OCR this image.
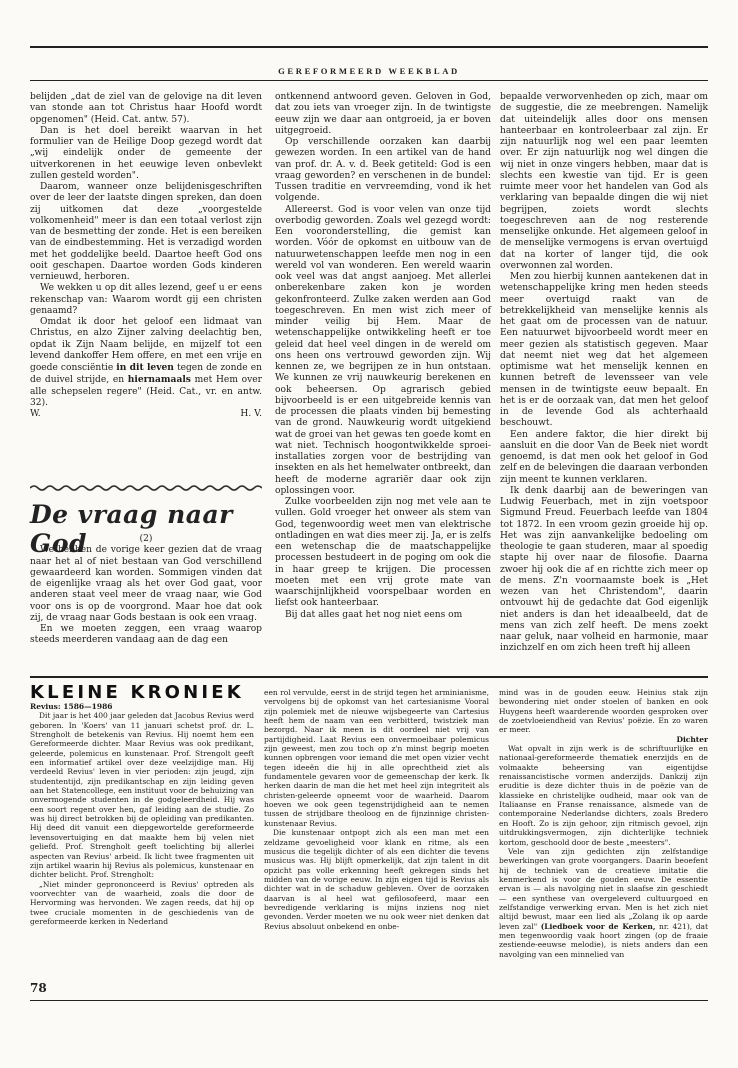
GEREFORMEERD WEEKBLAD

belijden „dat de ziel van de gelovige na dit leven van stonde aan tot Christus haar Hoofd wordt opgenomen" (Heid. Cat. antw. 57).

Dan is het doel bereikt waarvan in het formulier van de Heilige Doop gezegd wordt dat „wij eindelijk onder de gemeente der uitverkorenen in het eeuwige leven onbevlekt zullen gesteld worden".

Daarom, wanneer onze belijdenisgeschriften over de leer der laatste dingen spreken, dan doen zij uitkomen dat deze „voorgestelde volkomenheid" meer is dan een totaal verlost zijn van de besmetting der zonde. Het is een bereiken van de eindbestemming. Het is verzadigd worden met het goddelijke beeld. Daartoe heeft God ons ooit geschapen. Daartoe worden Gods kinderen vernieuwd, herboren.

We wekken u op dit alles lezend, geef u er eens rekenschap van: Waarom wordt gij een christen genaamd?

Omdat ik door het geloof een lidmaat van Christus, en alzo Zijner zalving deelachtig ben, opdat ik Zijn Naam belijde, en mijzelf tot een levend dankoffer Hem offere, en met een vrije en goede consciëntie in dit leven tegen de zonde en de duivel strijde, en hiernamaals met Hem over alle schepselen regere" (Heid. Cat., vr. en antw. 32).

W.	H. V.

De vraag naar God	(2)

We hebben de vorige keer gezien dat de vraag naar het al of niet bestaan van God verschillend gewaardeerd kan worden. Sommigen vinden dat de eigenlijke vraag als het over God gaat, voor anderen staat veel meer de vraag naar, wie God voor ons is op de voorgrond. Maar hoe dat ook zij, de vraag naar Gods bestaan is ook een vraag.

En we moeten zeggen, een vraag waarop steeds meerderen vandaag aan de dag een

ontkennend antwoord geven. Geloven in God, dat zou iets van vroeger zijn. In de twintigste eeuw zijn we daar aan ontgroeid, ja er boven uitgegroeid.

Op verschillende oorzaken kan daarbij gewezen worden. In een artikel van de hand van prof. dr. A. v. d. Beek getiteld: God is een vraag geworden? en verschenen in de bundel: Tussen traditie en vervreemding, vond ik het volgende.

Allereerst. God is voor velen van onze tijd overbodig geworden. Zoals wel gezegd wordt: Een vooronderstelling, die gemist kan worden. Vóór de opkomst en uitbouw van de natuurwetenschappen leefde men nog in een wereld vol van wonderen. Een wereld waarin ook veel was dat angst aanjoeg. Met allerlei onberekenbare zaken kon je worden gekonfronteerd. Zulke zaken werden aan God toegeschreven. En men wist zich meer of minder veilig bij Hem. Maar de wetenschappelijke ontwikkeling heeft er toe geleid dat heel veel dingen in de wereld om ons heen ons vertrouwd geworden zijn. Wij kennen ze, we begrijpen ze in hun ontstaan. We kunnen ze vrij nauwkeurig berekenen en ook beheersen. Op agrarisch gebied bijvoorbeeld is er een uitgebreide kennis van de processen die plaats vinden bij bemesting van de grond. Nauwkeurig wordt uitgekiend wat de groei van het gewas ten goede komt en wat niet. Technisch hoogontwikkelde sproei-installaties zorgen voor de bestrijding van insekten en als het hemelwater ontbreekt, dan heeft de moderne agrariër daar ook zijn oplossingen voor.

Zulke voorbeelden zijn nog met vele aan te vullen. Gold vroeger het onweer als stem van God, tegenwoordig weet men van elektrische ontladingen en wat dies meer zij. Ja, er is zelfs een wetenschap die de maatschappelijke processen bestudeert in de poging om ook die in haar greep te krijgen. Die processen moeten met een vrij grote mate van waarschijnlijkheid voorspelbaar worden en liefst ook hanteerbaar.

Bij dat alles gaat het nog niet eens om

bepaalde verworvenheden op zich, maar om de suggestie, die ze meebrengen. Namelijk dat uiteindelijk alles door ons mensen hanteerbaar en kontroleerbaar zal zijn. Er zijn natuurlijk nog wel een paar leemten over. Er zijn natuurlijk nog wel dingen die wij niet in onze vingers hebben, maar dat is slechts een kwestie van tijd. Er is geen ruimte meer voor het handelen van God als verklaring van bepaalde dingen die wij niet begrijpen, zoiets wordt slechts toegeschreven aan de nog resterende menselijke onkunde. Het algemeen geloof in de menselijke vermogens is ervan overtuigd dat na korter of langer tijd, die ook overwonnen zal worden.

Men zou hierbij kunnen aantekenen dat in wetenschappelijke kring men heden steeds meer overtuigd raakt van de betrekkelijkheid van menselijke kennis als het gaat om de processen van de natuur. Een natuurwet bijvoorbeeld wordt meer en meer gezien als statistisch gegeven. Maar dat neemt niet weg dat het algemeen optimisme wat het menselijk kennen en kunnen betreft de levensseer van vele mensen in de twintigste eeuw bepaalt. En het is er de oorzaak van, dat men het geloof in de levende God als achterhaald beschouwt.

Een andere faktor, die hier direkt bij aansluit en die door Van de Beek niet wordt genoemd, is dat men ook het geloof in God zelf en de belevingen die daaraan verbonden zijn meent te kunnen verklaren.

Ik denk daarbij aan de beweringen van Ludwig Feuerbach, met in zijn voetspoor Sigmund Freud. Feuerbach leefde van 1804 tot 1872. In een vroom gezin groeide hij op. Het was zijn aanvankelijke bedoeling om theologie te gaan studeren, maar al spoedig stapte hij over naar de filosofie. Daarna zwoer hij ook die af en richtte zich meer op de mens. Z'n voornaamste boek is „Het wezen van het Christendom", daarin ontvouwt hij de gedachte dat God eigenlijk niet anders is dan het ideaalbeeld, dat de mens van zich zelf heeft. De mens zoekt naar geluk, naar volheid en harmonie, maar inzichzelf en om zich heen treft hij alleen

KLEINE KRONIEK

Revius: 1586—1986

Dit jaar is het 400 jaar geleden dat Jacobus Revius werd geboren. In 'Koers' van 11 januari schetst prof. dr. L. Strengholt de betekenis van Revius. Hij noemt hem een Gereformeerde dichter. Maar Revius was ook predikant, geleerde, polemicus en kunstenaar. Prof. Strengolt geeft een informatief artikel over deze veelzijdige man. Hij verdeeld Revius' leven in vier perioden: zijn jeugd, zijn studententijd, zijn predikantschap en zijn leiding geven aan het Statencollege, een instituut voor de behuizing van onvermogende studenten in de godgeleerdheid. Hij was een soort regent over hen, gaf leiding aan de studie. Zo was hij direct betrokken bij de opleiding van predikanten. Hij deed dit vanuit een diepgewortelde gereformeerde levensovertuiging en dat maakte hem bij velen niet geliefd. Prof. Strengholt geeft toelichting bij allerlei aspecten van Revius' arbeid. Ik licht twee fragmenten uit zijn artikel waarin hij Revius als polemicus, kunstenaar en dichter belicht. Prof. Strengholt:

„Niet minder geprononceerd is Revius' optreden als voorvechter van de waarheid, zoals die door de Hervorming was hervonden. We zagen reeds, dat hij op twee cruciale momenten in de geschiedenis van de gereformeerde kerken in Nederland

een rol vervulde, eerst in de strijd tegen het arminianisme, vervolgens bij de opkomst van het cartesianisme Vooral zijn polemiek met de nieuwe wijsbegeerte van Cartesius heeft hem de naam van een verbitterd, twistziek man bezorgd. Naar ik meen is dit oordeel niet vrij van partijdigheid. Laat Revius een onvermoeibaar polemicus zijn geweest, men zou toch op z'n minst begrip moeten kunnen opbrengen voor iemand die met open vizier vecht tegen ideeën die hij in alle oprechtheid ziet als fundamentele gevaren voor de gemeenschap der kerk. Ik herken daarin de man die het met heel zijn integriteit als christen-geleerde opneemt voor de waarheid. Daarom hoeven we ook geen tegenstrijdigheid aan te nemen tussen de strijdbare theoloog en de fijnzinnige christen-kunstenaar Revius.

Die kunstenaar ontpopt zich als een man met een zeldzame gevoeligheid voor klank en ritme, als een musicus die tegelijk dichter of als een dichter die tevens musicus was. Hij blijft opmerkelijk, dat zijn talent in dit opzicht pas volle erkenning heeft gekregen sinds het midden van de vorige eeuw. In zijn eigen tijd is Revius als dichter wat in de schaduw gebleven. Over de oorzaken daarvan is al heel wat gefilosofeerd, maar een bevredigende verklaring is mijns inziens nog niet gevonden. Verder moeten we nu ook weer niet denken dat Revius absoluut onbekend en onbe-

mind was in de gouden eeuw. Heinius stak zijn bewondering niet onder stoelen of banken en ook Huygens heeft waarderende woorden gesproken over de zoetvloeiendheid van Revius' poëzie. En zo waren er meer.

Dichter

Wat opvalt in zijn werk is de schriftuurlijke en nationaal-gereformeerde thematiek enerzijds en de volmaakte beheersing van eigentijdse renaissancistische vormen anderzijds. Dankzij zijn eruditie is deze dichter thuis in de poëzie van de klassieke en christelijke oudheid, maar ook van de Italiaanse en Franse renaissance, alsmede van de contemporaine Nederlandse dichters, zoals Bredero en Hooft. Zo is zijn gehoor, zijn ritmisch gevoel, zijn uitdrukkingsvermogen, zijn dichterlijke techniek kortom, geschoold door de beste „meesters".

Vele van zijn gedichten zijn zelfstandige bewerkingen van grote voorgangers. Daarin beoefent hij de techniek van de creatieve imitatie die kenmerkend is voor de gouden eeuw. De essentie ervan is — als navolging niet in slaafse zin geschiedt — een synthese van overgeleverd cultuurgoed en zelfstandige verwerking ervan. Men is het zich niet altijd bewust, maar een lied als „Zolang ik op aarde leven zal" (Liedboek voor de Kerken, nr. 421), dat men tegenwoordig vaak hoort zingen (op de fraaie zestiende-eeuwse melodie), is niets anders dan een navolging van een minnelied van

78
